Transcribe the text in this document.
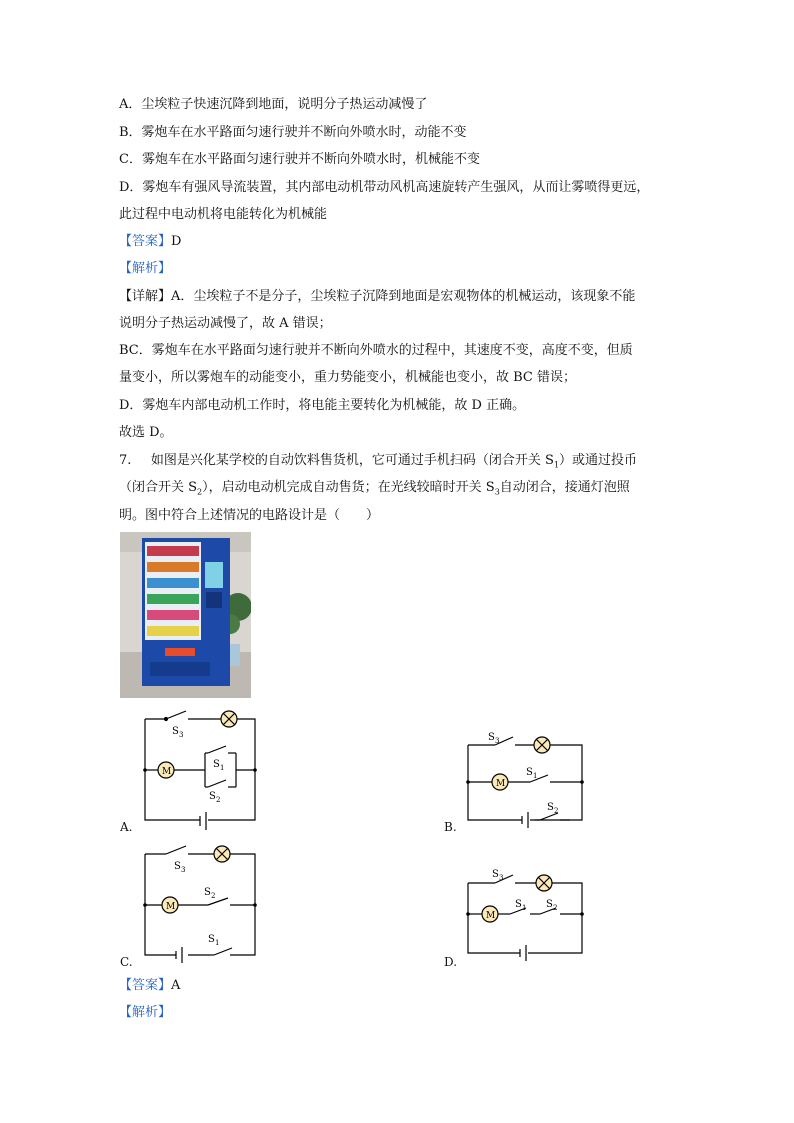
A．尘埃粒子快速沉降到地面，说明分子热运动减慢了
B．雾炮车在水平路面匀速行驶并不断向外喷水时，动能不变
C．雾炮车在水平路面匀速行驶并不断向外喷水时，机械能不变
D．雾炮车有强风导流装置，其内部电动机带动风机高速旋转产生强风，从而让雾喷得更远，
此过程中电动机将电能转化为机械能
【答案】D
【解析】
【详解】A．尘埃粒子不是分子，尘埃粒子沉降到地面是宏观物体的机械运动，该现象不能
说明分子热运动减慢了，故 A 错误；
BC．雾炮车在水平路面匀速行驶并不断向外喷水的过程中，其速度不变，高度不变，但质
量变小，所以雾炮车的动能变小，重力势能变小，机械能也变小，故 BC 错误；
D．雾炮车内部电动机工作时，将电能主要转化为机械能，故 D 正确。
故选 D。
7.   如图是兴化某学校的自动饮料售货机，它可通过手机扫码（闭合开关 $S_1$）或通过投币
（闭合开关 $S_2$），启动电动机完成自动售货；在光线较暗时开关 $S_3$自动闭合，接通灯泡照
明。图中符合上述情况的电路设计是（　　）
A.	B.
C.	D.
M
S 3
S 1
S 2
M
S 3
S 1
S 2
M
S 3
S 2
S 1
M
S 3
S 1 S 2
【答案】A
【解析】
